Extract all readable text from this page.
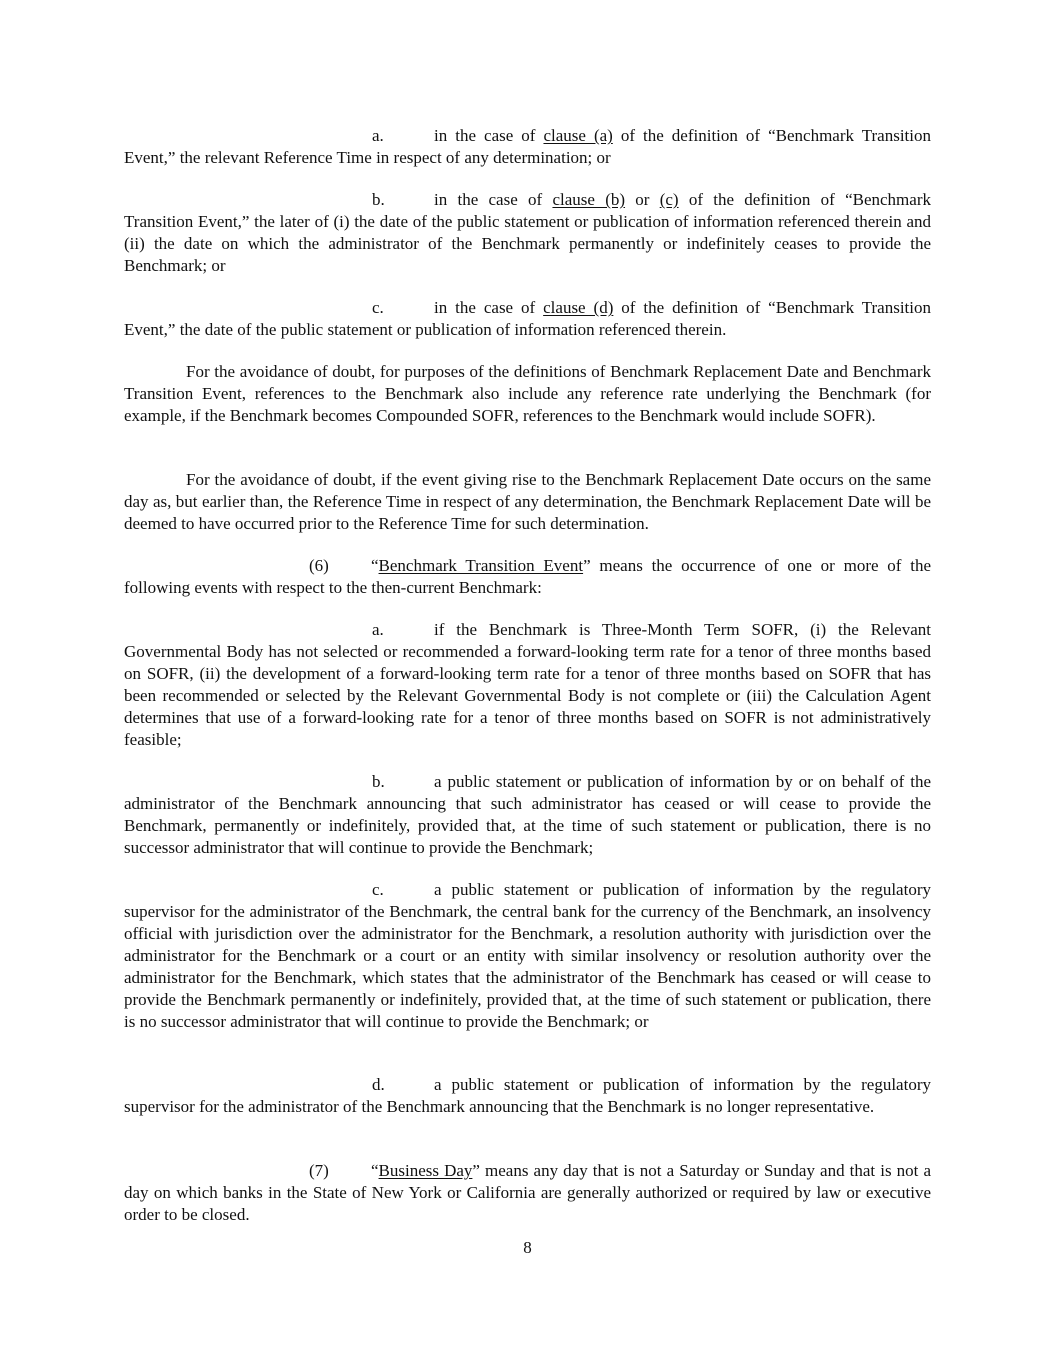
a.	in the case of clause (a) of the definition of “Benchmark Transition Event,” the relevant Reference Time in respect of any determination; or

b.	in the case of clause (b) or (c) of the definition of “Benchmark Transition Event,” the later of (i) the date of the public statement or publication of information referenced therein and (ii) the date on which the administrator of the Benchmark permanently or indefinitely ceases to provide the Benchmark; or

c.	in the case of clause (d) of the definition of “Benchmark Transition Event,” the date of the public statement or publication of information referenced therein.

For the avoidance of doubt, for purposes of the definitions of Benchmark Replacement Date and Benchmark Transition Event, references to the Benchmark also include any reference rate underlying the Benchmark (for example, if the Benchmark becomes Compounded SOFR, references to the Benchmark would include SOFR).

For the avoidance of doubt, if the event giving rise to the Benchmark Replacement Date occurs on the same day as, but earlier than, the Reference Time in respect of any determination, the Benchmark Replacement Date will be deemed to have occurred prior to the Reference Time for such determination.

(6) “Benchmark Transition Event” means the occurrence of one or more of the following events with respect to the then-current Benchmark:

a.	if the Benchmark is Three-Month Term SOFR, (i) the Relevant Governmental Body has not selected or recommended a forward-looking term rate for a tenor of three months based on SOFR, (ii) the development of a forward-looking term rate for a tenor of three months based on SOFR that has been recommended or selected by the Relevant Governmental Body is not complete or (iii) the Calculation Agent determines that use of a forward-looking rate for a tenor of three months based on SOFR is not administratively feasible;

b.	a public statement or publication of information by or on behalf of the administrator of the Benchmark announcing that such administrator has ceased or will cease to provide the Benchmark, permanently or indefinitely, provided that, at the time of such statement or publication, there is no successor administrator that will continue to provide the Benchmark;

c.	a public statement or publication of information by the regulatory supervisor for the administrator of the Benchmark, the central bank for the currency of the Benchmark, an insolvency official with jurisdiction over the administrator for the Benchmark, a resolution authority with jurisdiction over the administrator for the Benchmark or a court or an entity with similar insolvency or resolution authority over the administrator for the Benchmark, which states that the administrator of the Benchmark has ceased or will cease to provide the Benchmark permanently or indefinitely, provided that, at the time of such statement or publication, there is no successor administrator that will continue to provide the Benchmark; or

d.	a public statement or publication of information by the regulatory supervisor for the administrator of the Benchmark announcing that the Benchmark is no longer representative.

(7) “Business Day” means any day that is not a Saturday or Sunday and that is not a day on which banks in the State of New York or California are generally authorized or required by law or executive order to be closed.

8
